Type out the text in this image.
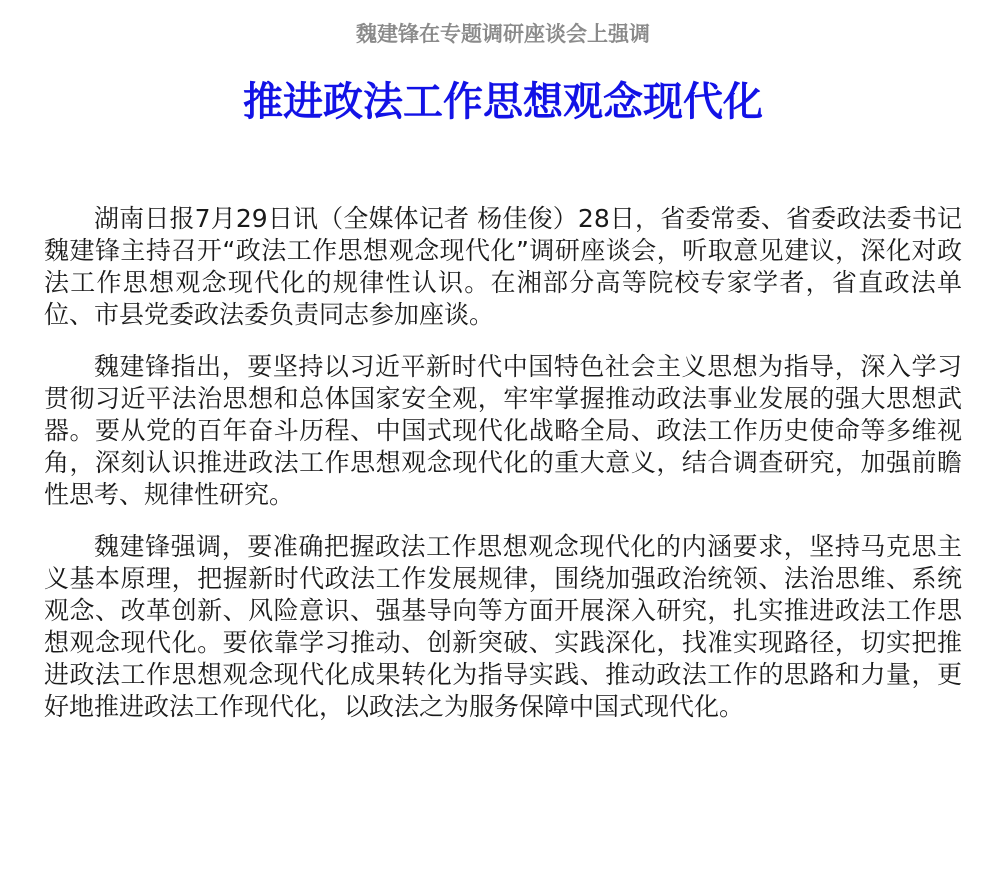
魏建锋在专题调研座谈会上强调
推进政法工作思想观念现代化

湖南日报7月29日讯（全媒体记者 杨佳俊）28日，省委常委、省委政法委书记魏建锋主持召开“政法工作思想观念现代化”调研座谈会，听取意见建议，深化对政法工作思想观念现代化的规律性认识。在湘部分高等院校专家学者，省直政法单位、市县党委政法委负责同志参加座谈。

魏建锋指出，要坚持以习近平新时代中国特色社会主义思想为指导，深入学习贯彻习近平法治思想和总体国家安全观，牢牢掌握推动政法事业发展的强大思想武器。要从党的百年奋斗历程、中国式现代化战略全局、政法工作历史使命等多维视角，深刻认识推进政法工作思想观念现代化的重大意义，结合调查研究，加强前瞻性思考、规律性研究。

魏建锋强调，要准确把握政法工作思想观念现代化的内涵要求，坚持马克思主义基本原理，把握新时代政法工作发展规律，围绕加强政治统领、法治思维、系统观念、改革创新、风险意识、强基导向等方面开展深入研究，扎实推进政法工作思想观念现代化。要依靠学习推动、创新突破、实践深化，找准实现路径，切实把推进政法工作思想观念现代化成果转化为指导实践、推动政法工作的思路和力量，更好地推进政法工作现代化，以政法之为服务保障中国式现代化。
